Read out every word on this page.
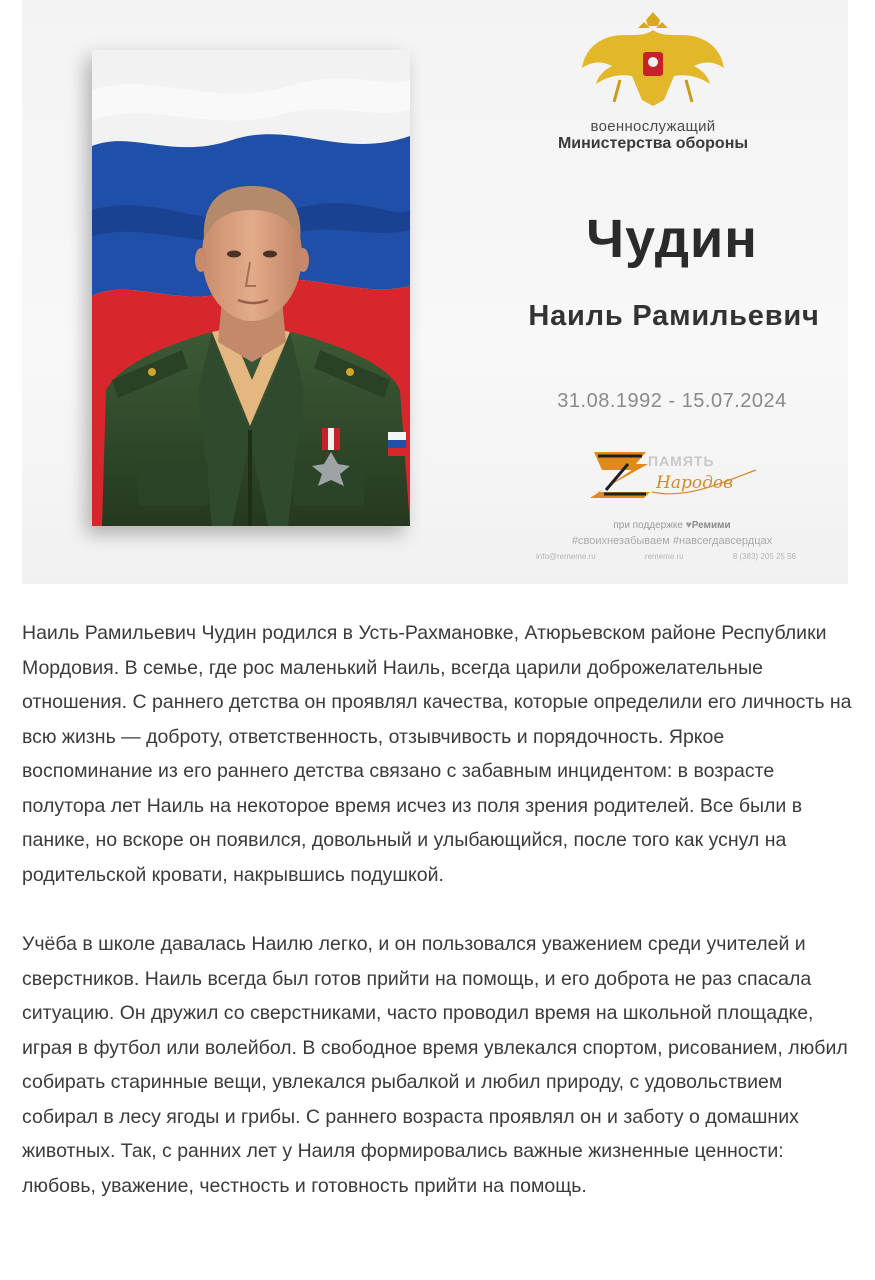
военнослужащий
Министерства обороны
Чудин
Наиль Рамильевич
31.08.1992 - 15.07.2024
ПАМЯТЬ
Народов
при поддержке ♥Ремими
#своихнезабываем #навсегдавсердцах
info@rememe.ru	rememe.ru	8 (383) 205 25 56

Наиль Рамильевич Чудин родился в Усть-Рахмановке, Атюрьевском районе Республики Мордовия. В семье, где рос маленький Наиль, всегда царили доброжелательные отношения. С раннего детства он проявлял качества, которые определили его личность на всю жизнь — доброту, ответственность, отзывчивость и порядочность. Яркое воспоминание из его раннего детства связано с забавным инцидентом: в возрасте полутора лет Наиль на некоторое время исчез из поля зрения родителей. Все были в панике, но вскоре он появился, довольный и улыбающийся, после того как уснул на родительской кровати, накрывшись подушкой.

Учёба в школе давалась Наилю легко, и он пользовался уважением среди учителей и сверстников. Наиль всегда был готов прийти на помощь, и его доброта не раз спасала ситуацию. Он дружил со сверстниками, часто проводил время на школьной площадке, играя в футбол или волейбол. В свободное время увлекался спортом, рисованием, любил собирать старинные вещи, увлекался рыбалкой и любил природу, с удовольствием собирал в лесу ягоды и грибы. С раннего возраста проявлял он и заботу о домашних животных. Так, с ранних лет у Наиля формировались важные жизненные ценности: любовь, уважение, честность и готовность прийти на помощь.
